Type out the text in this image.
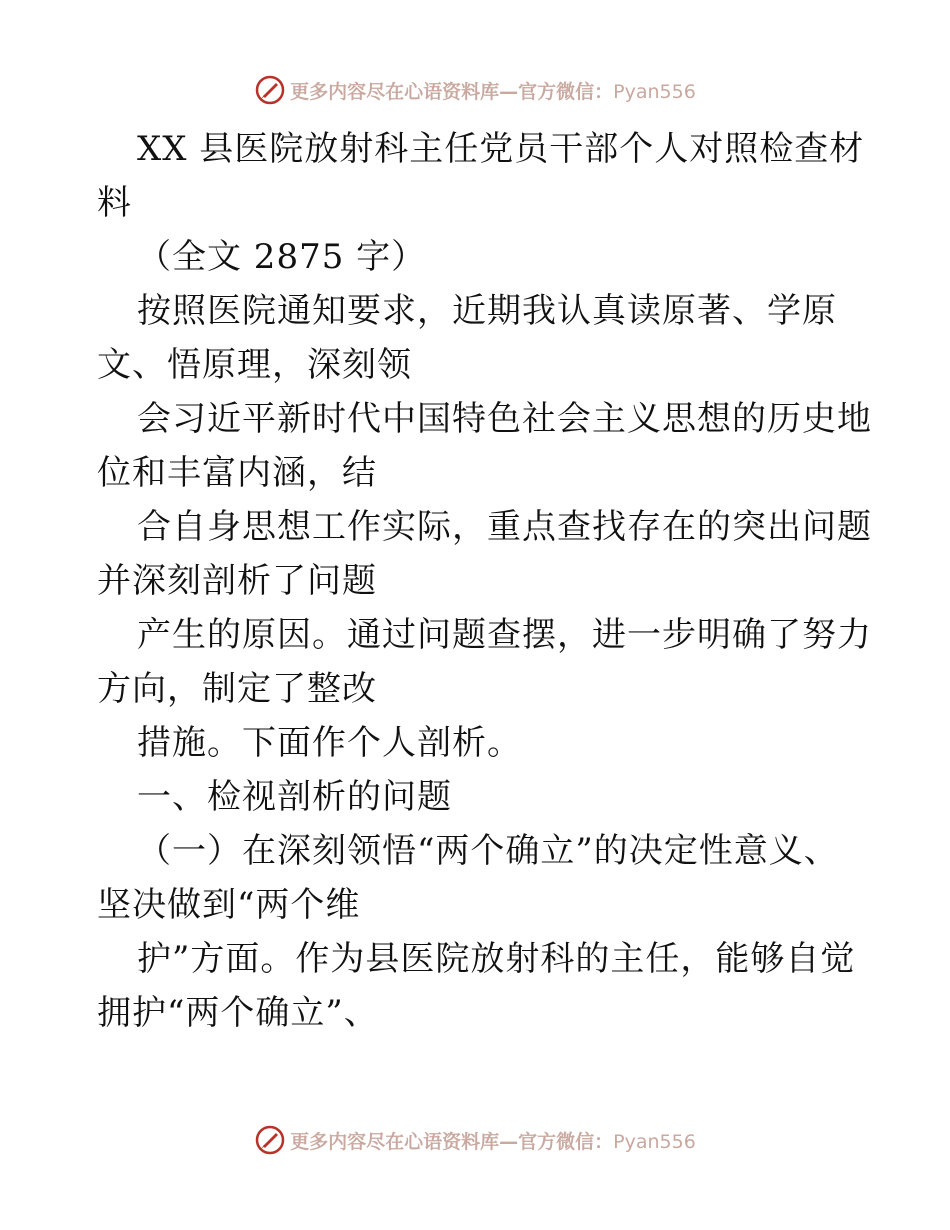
更多内容尽在心语资料库—官方微信：Pyan556
XX 县医院放射科主任党员干部个人对照检查材
料
（全文 2875 字）
按照医院通知要求，近期我认真读原著、学原
文、悟原理，深刻领
会习近平新时代中国特色社会主义思想的历史地
位和丰富内涵，结
合自身思想工作实际，重点查找存在的突出问题
并深刻剖析了问题
产生的原因。通过问题查摆，进一步明确了努力
方向，制定了整改
措施。下面作个人剖析。
一、检视剖析的问题
（一）在深刻领悟“两个确立”的决定性意义、
坚决做到“两个维
护”方面。作为县医院放射科的主任，能够自觉
拥护“两个确立”、
更多内容尽在心语资料库—官方微信：Pyan556
